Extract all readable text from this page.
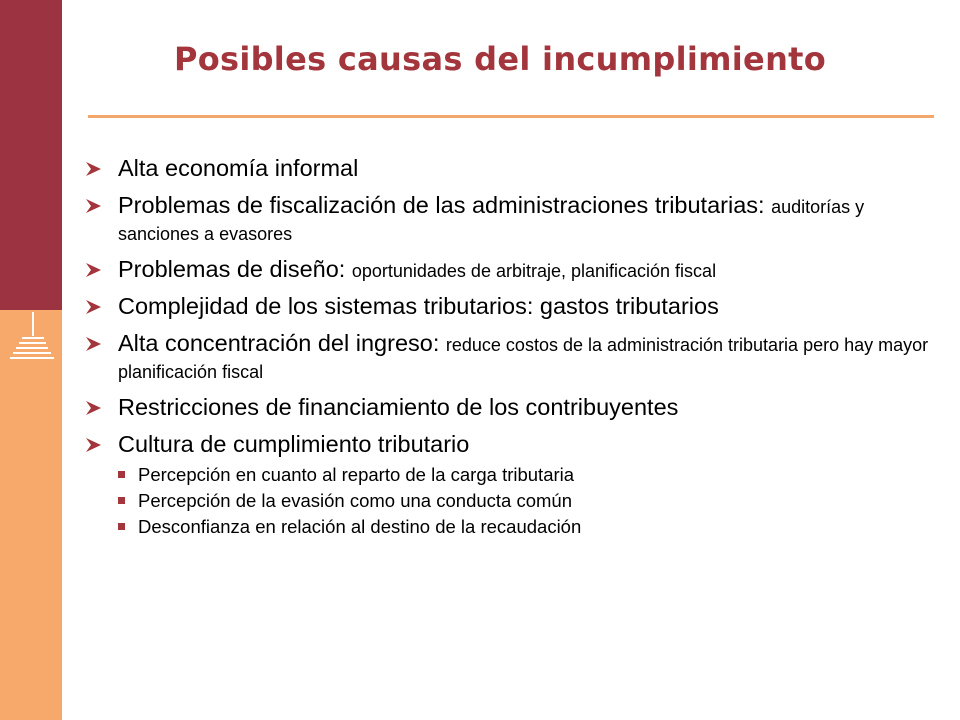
Posibles causas del incumplimiento
Alta economía informal
Problemas de fiscalización de las administraciones tributarias: auditorías y sanciones a evasores
Problemas de diseño: oportunidades de arbitraje, planificación fiscal
Complejidad de los sistemas tributarios: gastos tributarios
Alta concentración del ingreso: reduce costos de la administración tributaria pero hay mayor planificación fiscal
Restricciones de financiamiento de los contribuyentes
Cultura de cumplimiento tributario
Percepción en cuanto al reparto de la carga tributaria
Percepción de la evasión como una conducta común
Desconfianza en relación al destino de la recaudación
